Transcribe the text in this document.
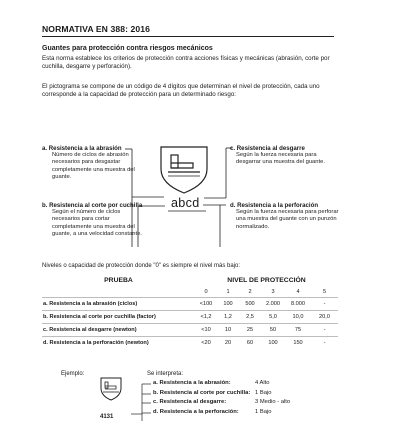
NORMATIVA EN 388: 2016
Guantes para protección contra riesgos mecánicos
Esta norma establece los criterios de protección contra acciones físicas y mecánicas (abrasión, corte por cuchilla, desgarre y perforación).
El pictograma se compone de un código de 4 dígitos que determinan el nivel de protección, cada uno corresponde a la capacidad de protección para un determinado riesgo:
abcd
a. Resistencia a la abrasión
Número de ciclos de abrasión necesarios para desgastar completamente una muestra del guante.
b. Resistencia al corte por cuchilla
Según el número de ciclos necesarios para cortar completamente una muestra del guante, a una velocidad constante.
c. Resistencia al desgarre
Según la fuerza necesaria para desgarrar una muestra del guante.
d. Resistencia a la perforación
Según la fuerza necesaria para perforar una muestra del guante con un punzón normalizado.
Niveles o capacidad de protección donde "0" es siempre el nivel más bajo:
PRUEBA	NIVEL DE PROTECCIÓN					
	0	1	2	3	4	5
a. Resistencia a la abrasión (ciclos)	<100	100	500	2.000	8.000	-
b. Resistencia al corte por cuchilla (factor)	<1,2	1,2	2,5	5,0	10,0	20,0
c. Resistencia al desgarre (newton)	<10	10	25	50	75	-
d. Resistencia a la perforación (newton)	<20	20	60	100	150	-
Ejemplo:
4131
Se interpreta:
a. Resistencia a la abrasión:	4 Alto
b. Resistencia al corte por cuchilla: 1 Bajo
c. Resistencia al desgarre:	3 Medio - alto
d. Resistencia a la perforación:	1 Bajo
